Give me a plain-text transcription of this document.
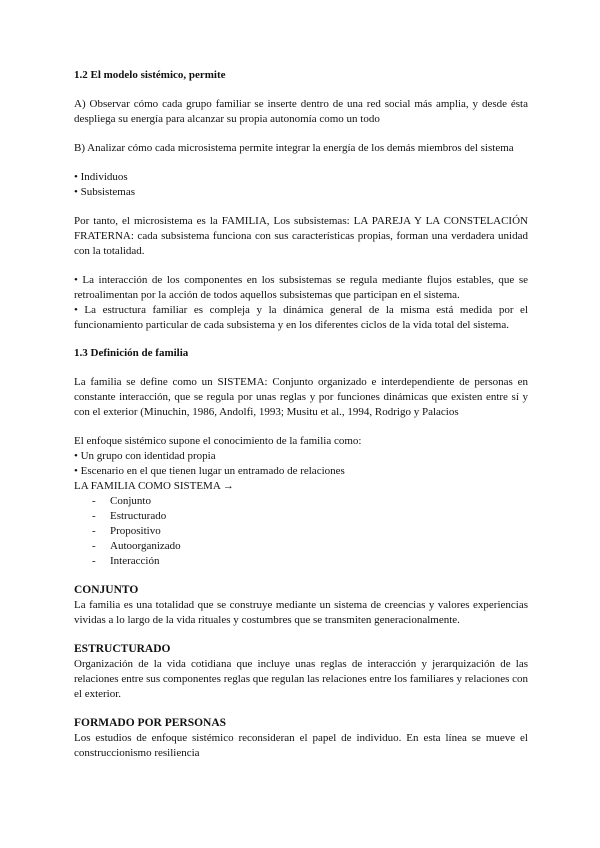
1.2 El modelo sistémico, permite

A) Observar cómo cada grupo familiar se inserte dentro de una red social más amplia, y desde ésta despliega su energía para alcanzar su propia autonomía como un todo

B) Analizar cómo cada microsistema permite integrar la energía de los demás miembros del sistema

• Individuos

• Subsistemas

Por tanto, el microsistema es la FAMILIA, Los subsistemas: LA PAREJA Y LA CONSTELACIÓN FRATERNA: cada subsistema funciona con sus características propias, forman una verdadera unidad con la totalidad.

• La interacción de los componentes en los subsistemas se regula mediante flujos estables, que se retroalimentan por la acción de todos aquellos subsistemas que participan en el sistema.

• La estructura familiar es compleja y la dinámica general de la misma está medida por el funcionamiento particular de cada subsistema y en los diferentes ciclos de la vida total del sistema.

1.3 Definición de familia

La familia se define como un SISTEMA: Conjunto organizado e interdependiente de personas en constante interacción, que se regula por unas reglas y por funciones dinámicas que existen entre sí y con el exterior (Minuchin, 1986, Andolfi, 1993; Musitu et al., 1994, Rodrigo y Palacios

El enfoque sistémico supone el conocimiento de la familia como:

• Un grupo con identidad propia

• Escenario en el que tienen lugar un entramado de relaciones

LA FAMILIA COMO SISTEMA →

- Conjunto

- Estructurado

- Propositivo

- Autoorganizado

- Interacción

CONJUNTO

La familia es una totalidad que se construye mediante un sistema de creencias y valores experiencias vividas a lo largo de la vida rituales y costumbres que se transmiten generacionalmente.

ESTRUCTURADO

Organización de la vida cotidiana que incluye unas reglas de interacción y jerarquización de las relaciones entre sus componentes reglas que regulan las relaciones entre los familiares y relaciones con el exterior.

FORMADO POR PERSONAS

Los estudios de enfoque sistémico reconsideran el papel de individuo. En esta línea se mueve el construccionismo resiliencia
